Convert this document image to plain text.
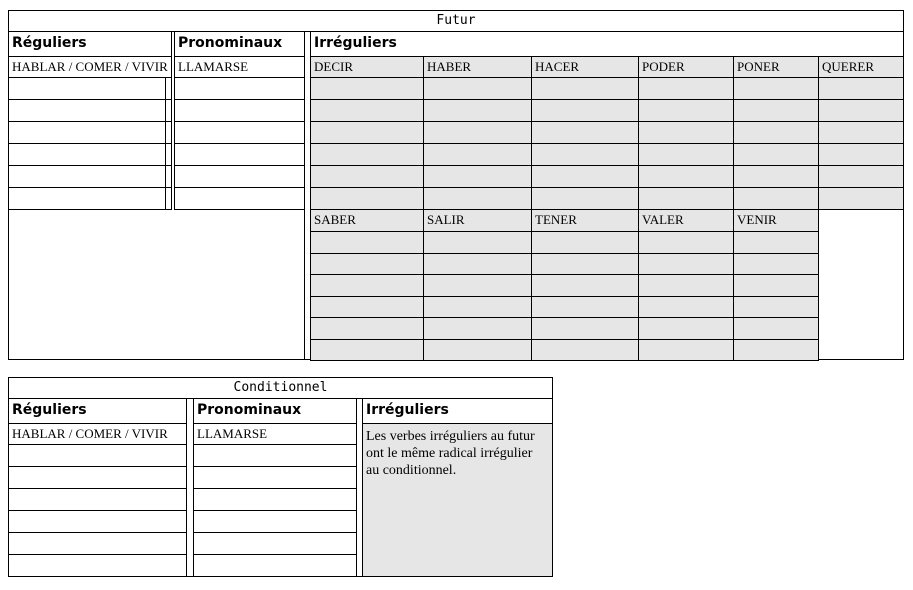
Futur
Réguliers
HABLAR / COMER / VIVIR
Pronominaux
LLAMARSE
Irréguliers
DECIR	HABER	HACER	PODER	PONER	QUERER
SABER	SALIR	TENER	VALER	VENIR
Conditionnel
Réguliers
HABLAR / COMER / VIVIR
Pronominaux
LLAMARSE
Irréguliers
Les verbes irréguliers au futur ont le même radical irrégulier au conditionnel.
